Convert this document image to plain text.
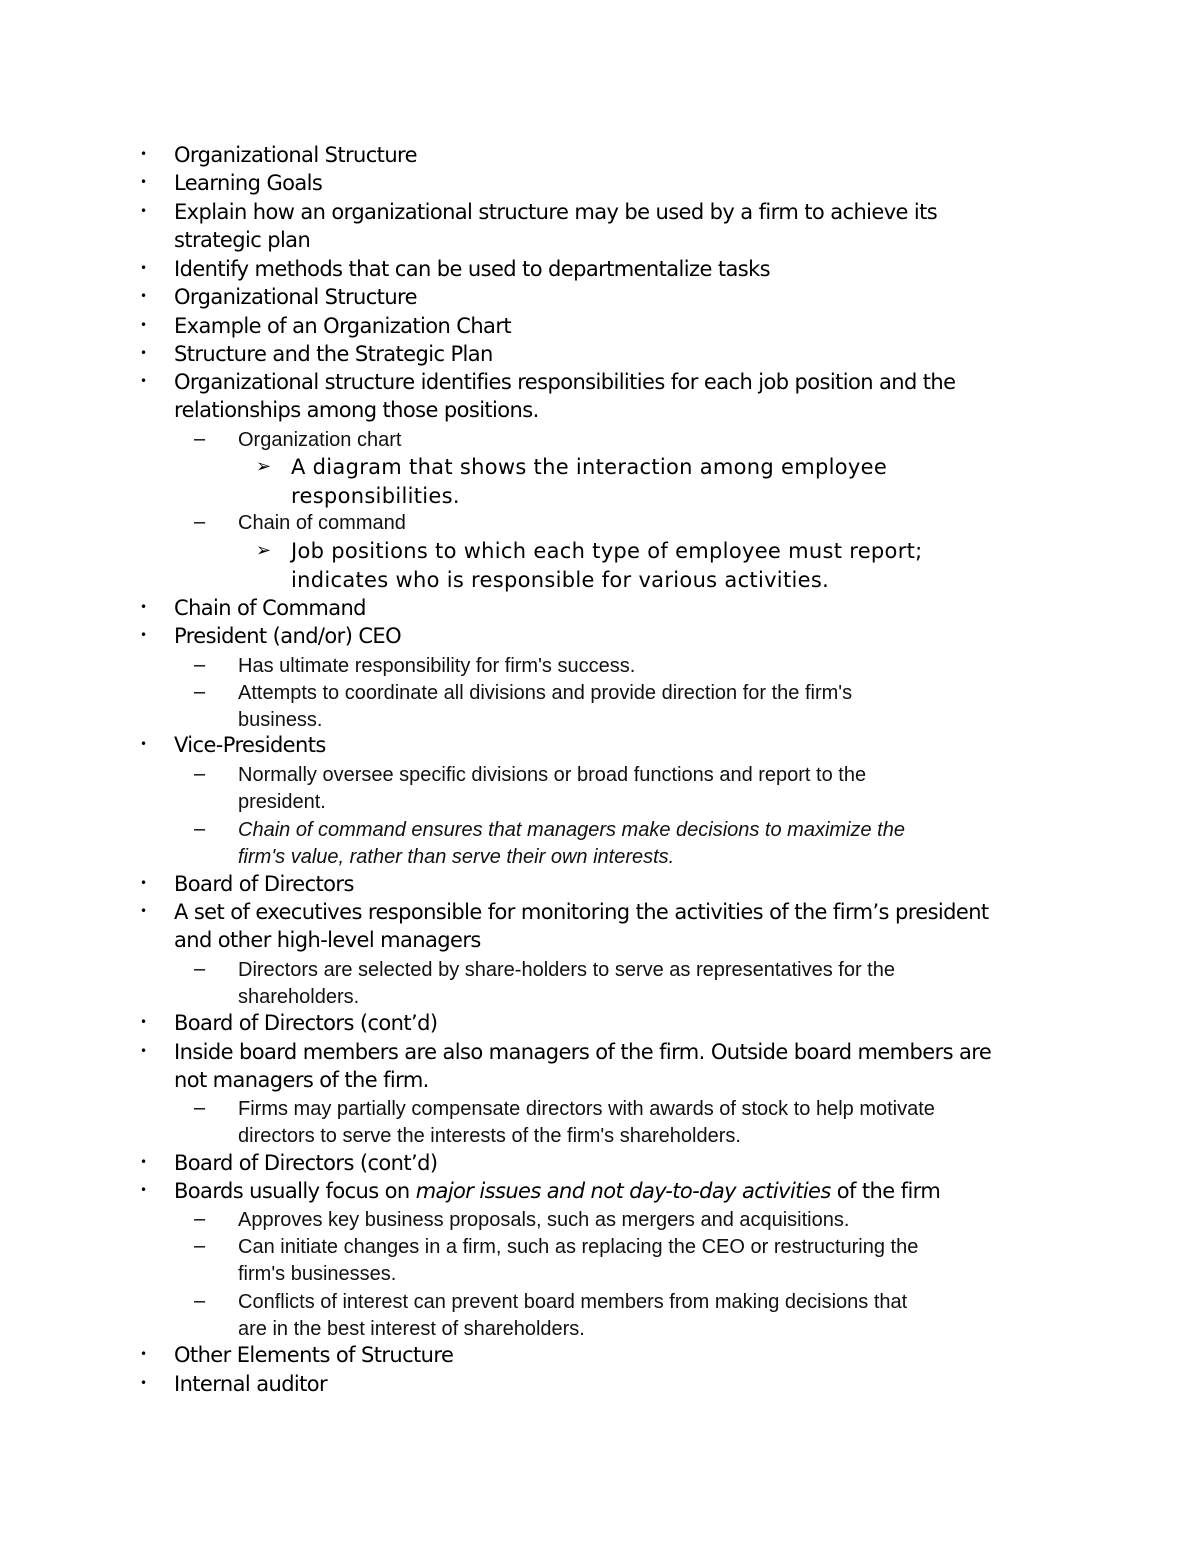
•	Organizational Structure
•	Learning Goals
•	Explain how an organizational structure may be used by a firm to achieve its
strategic plan
•	Identify methods that can be used to departmentalize tasks
•	Organizational Structure
•	Example of an Organization Chart
•	Structure and the Strategic Plan
•	Organizational structure identifies responsibilities for each job position and the
relationships among those positions.
– Organization chart
➢ A diagram that shows the interaction among employee
responsibilities.
– Chain of command
➢ Job positions to which each type of employee must report;
indicates who is responsible for various activities.
•	Chain of Command
•	President (and/or) CEO
– Has ultimate responsibility for firm's success.
– Attempts to coordinate all divisions and provide direction for the firm's
business.
•	Vice-Presidents
– Normally oversee specific divisions or broad functions and report to the
president.
– Chain of command ensures that managers make decisions to maximize the
firm's value, rather than serve their own interests.
•	Board of Directors
•	A set of executives responsible for monitoring the activities of the firm’s president
and other high-level managers
– Directors are selected by share-holders to serve as representatives for the
shareholders.
•	Board of Directors (cont’d)
•	Inside board members are also managers of the firm. Outside board members are
not managers of the firm.
– Firms may partially compensate directors with awards of stock to help motivate
directors to serve the interests of the firm's shareholders.
•	Board of Directors (cont’d)
•	Boards usually focus on major issues and not day-to-day activities of the firm
– Approves key business proposals, such as mergers and acquisitions.
– Can initiate changes in a firm, such as replacing the CEO or restructuring the
firm's businesses.
– Conflicts of interest can prevent board members from making decisions that
are in the best interest of shareholders.
•	Other Elements of Structure
•	Internal auditor
